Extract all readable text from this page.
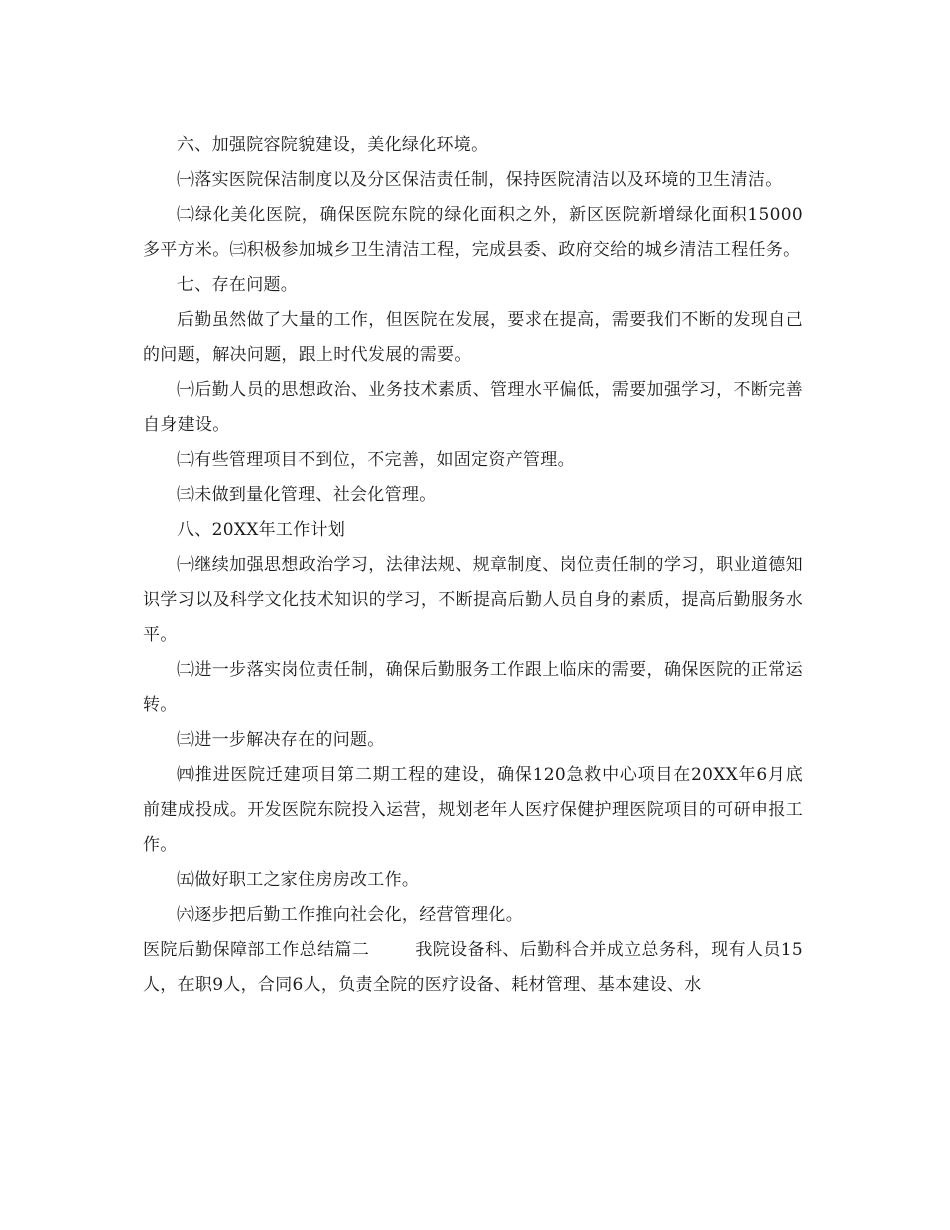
六、加强院容院貌建设，美化绿化环境。

㈠落实医院保洁制度以及分区保洁责任制，保持医院清洁以及环境的卫生清洁。

㈡绿化美化医院，确保医院东院的绿化面积之外，新区医院新增绿化面积15000多平方米。㈢积极参加城乡卫生清洁工程，完成县委、政府交给的城乡清洁工程任务。

七、存在问题。

后勤虽然做了大量的工作，但医院在发展，要求在提高，需要我们不断的发现自己的问题，解决问题，跟上时代发展的需要。

㈠后勤人员的思想政治、业务技术素质、管理水平偏低，需要加强学习，不断完善自身建设。

㈡有些管理项目不到位，不完善，如固定资产管理。

㈢未做到量化管理、社会化管理。

八、20XX年工作计划

㈠继续加强思想政治学习，法律法规、规章制度、岗位责任制的学习，职业道德知识学习以及科学文化技术知识的学习，不断提高后勤人员自身的素质，提高后勤服务水平。

㈡进一步落实岗位责任制，确保后勤服务工作跟上临床的需要，确保医院的正常运转。

㈢进一步解决存在的问题。

㈣推进医院迁建项目第二期工程的建设，确保120急救中心项目在20XX年6月底前建成投成。开发医院东院投入运营，规划老年人医疗保健护理医院项目的可研申报工作。

㈤做好职工之家住房房改工作。

㈥逐步把后勤工作推向社会化，经营管理化。

医院后勤保障部工作总结篇二	我院设备科、后勤科合并成立总务科，现有人员15人，在职9人，合同6人，负责全院的医疗设备、耗材管理、基本建设、水
